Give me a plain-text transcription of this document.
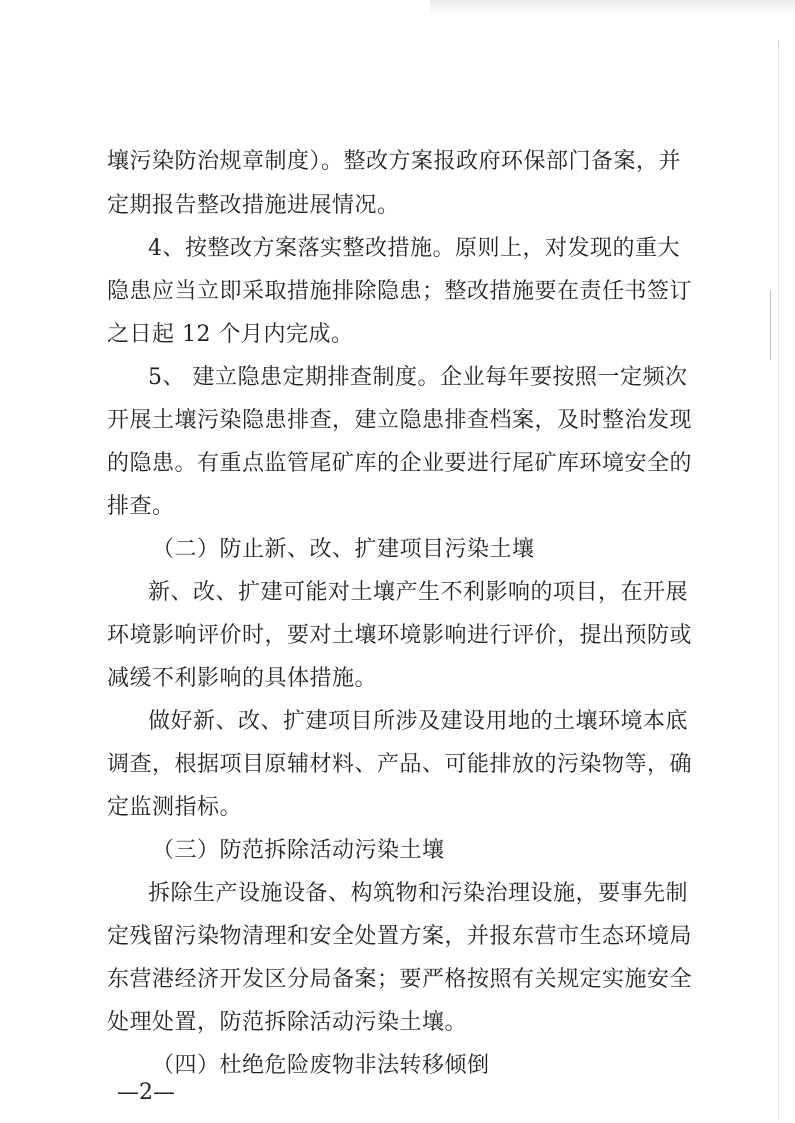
壤污染防治规章制度）。整改方案报政府环保部门备案，并
定期报告整改措施进展情况。
4、按整改方案落实整改措施。原则上，对发现的重大
隐患应当立即采取措施排除隐患；整改措施要在责任书签订
之日起 12 个月内完成。
5、 建立隐患定期排查制度。企业每年要按照一定频次
开展土壤污染隐患排查，建立隐患排查档案，及时整治发现
的隐患。有重点监管尾矿库的企业要进行尾矿库环境安全的
排查。
（二）防止新、改、扩建项目污染土壤
新、改、扩建可能对土壤产生不利影响的项目，在开展
环境影响评价时，要对土壤环境影响进行评价，提出预防或
减缓不利影响的具体措施。
做好新、改、扩建项目所涉及建设用地的土壤环境本底
调查，根据项目原辅材料、产品、可能排放的污染物等，确
定监测指标。
（三）防范拆除活动污染土壤
拆除生产设施设备、构筑物和污染治理设施，要事先制
定残留污染物清理和安全处置方案，并报东营市生态环境局
东营港经济开发区分局备案；要严格按照有关规定实施安全
处理处置，防范拆除活动污染土壤。
（四）杜绝危险废物非法转移倾倒
—2—
